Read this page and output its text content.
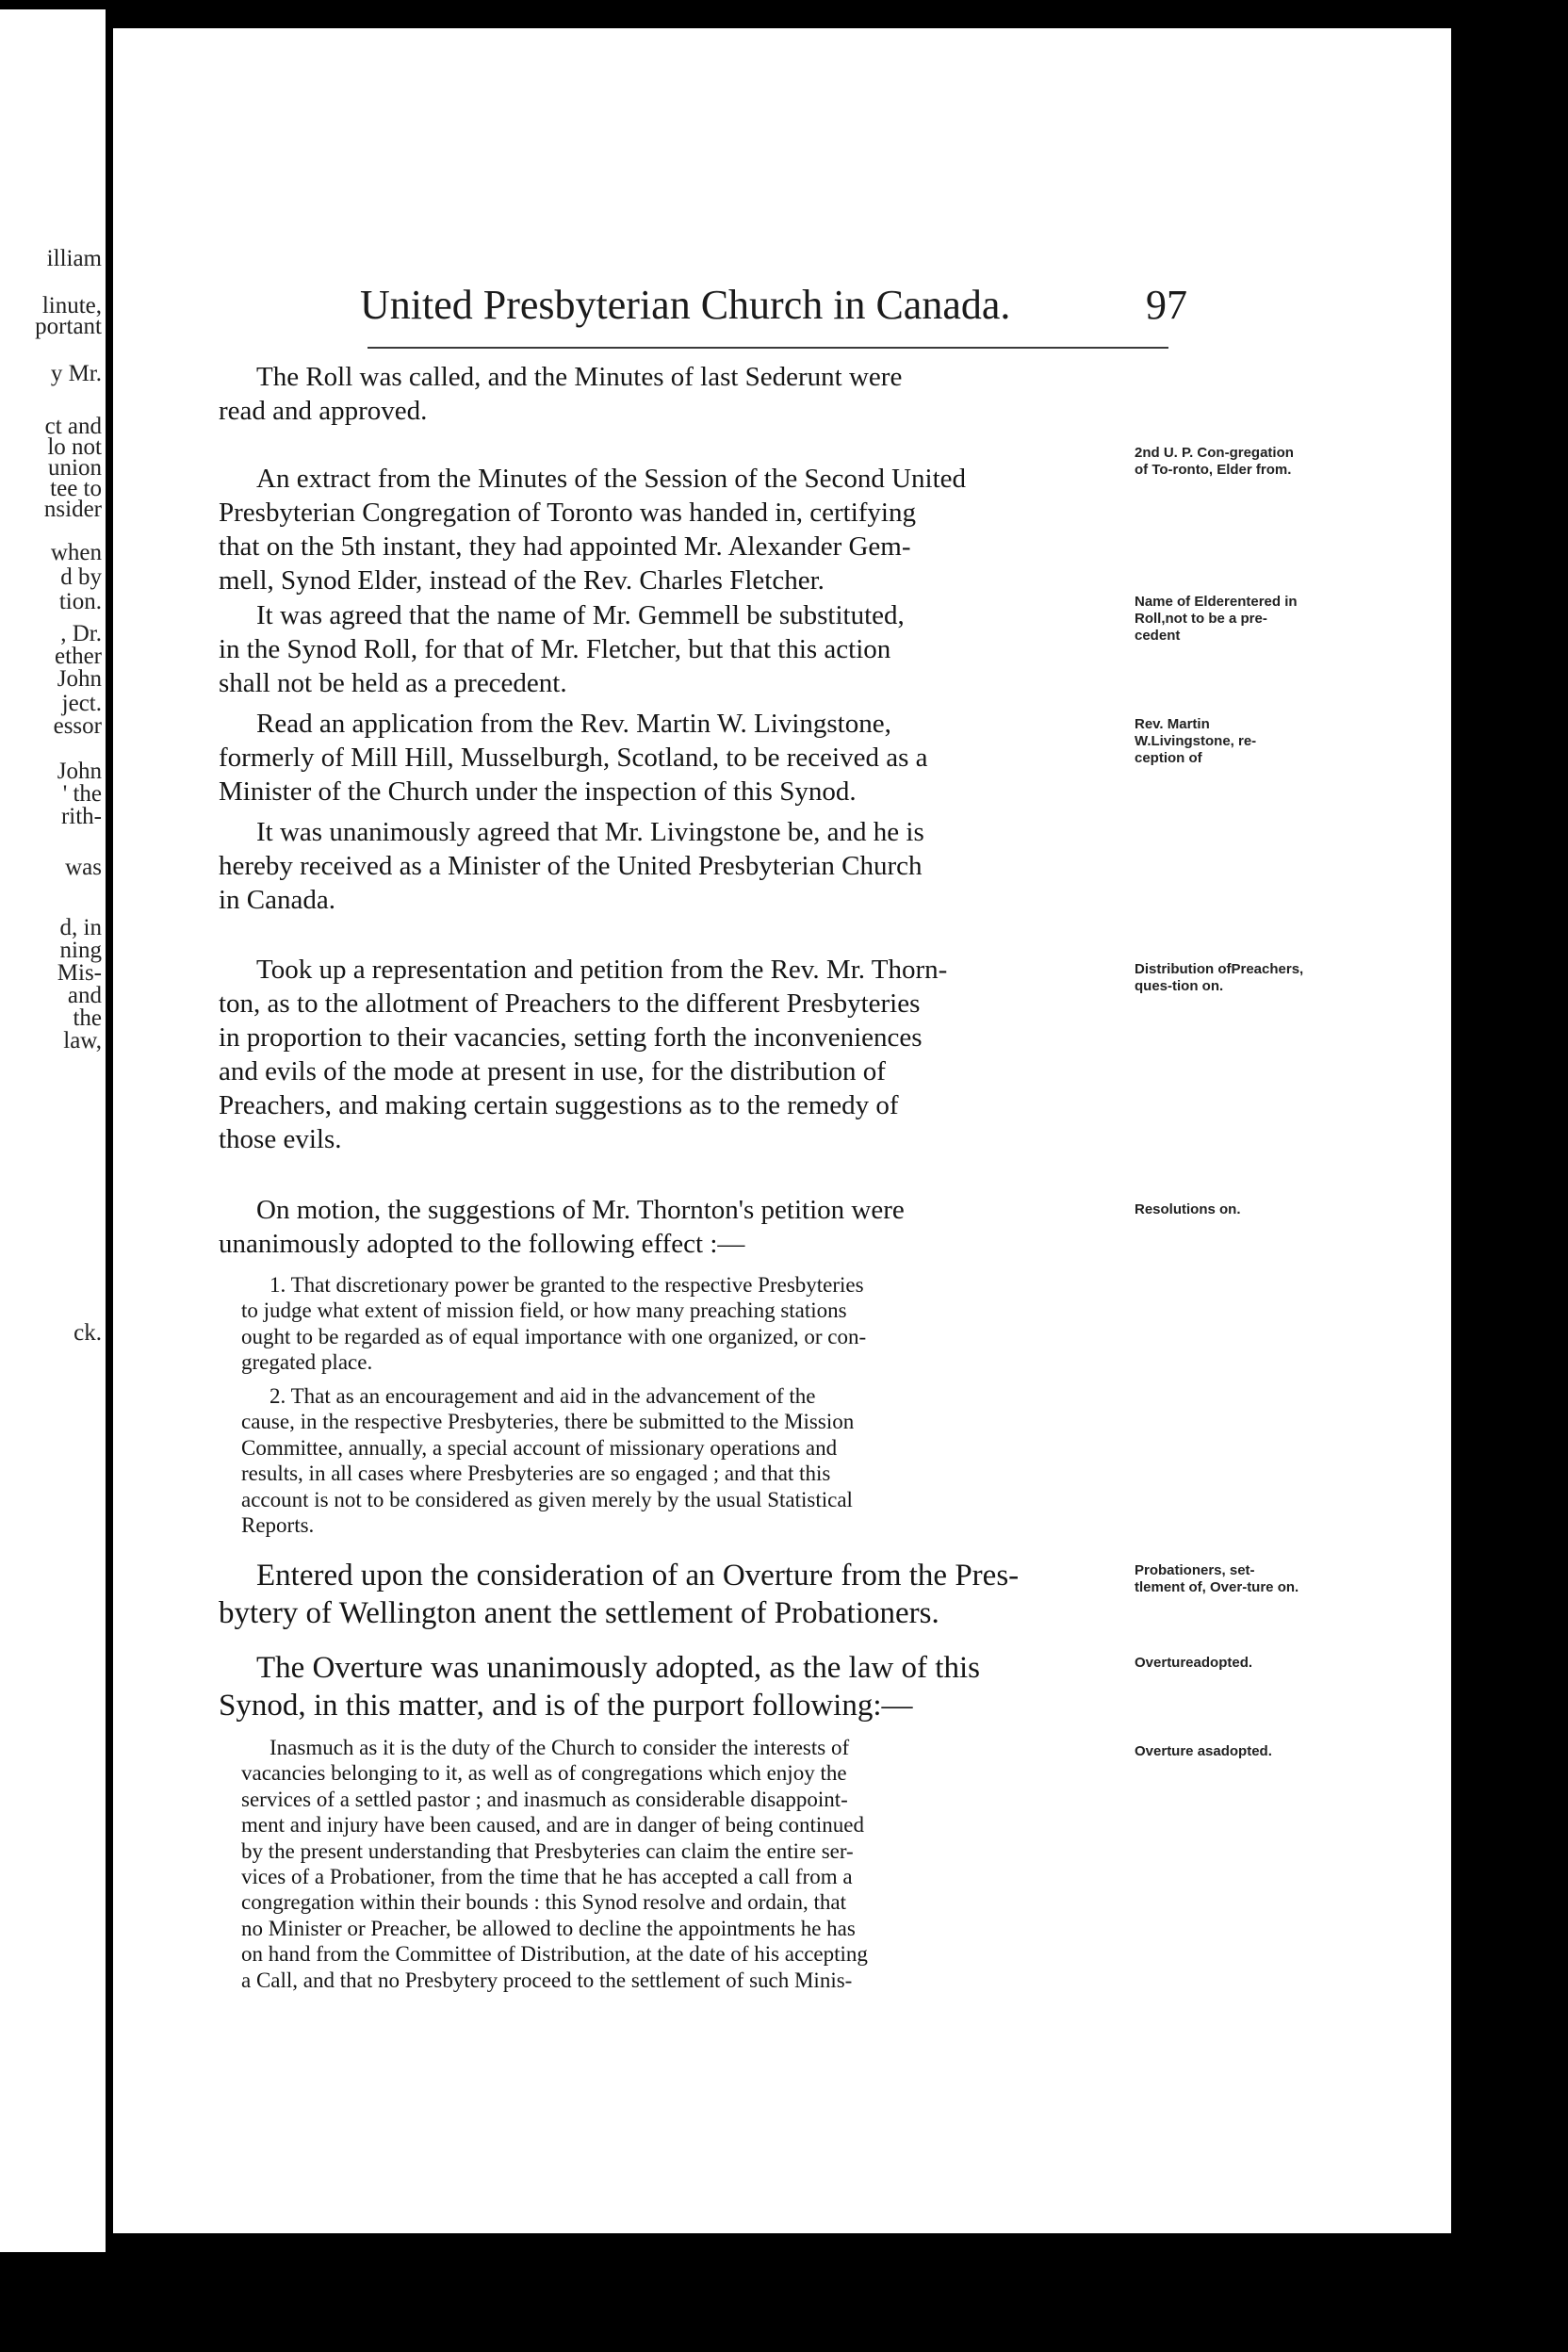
illiam
linute,
portant
y Mr.
ct and
lo not
union
tee to
nsider
when
d by
tion.
, Dr.
ether
John
ject.
essor
John
' the
rith-
was
d, in
ning
Mis-
and
the
law,
ck.
United Presbyterian Church in Canada.	97
The Roll was called, and the Minutes of last Sederunt were
read and approved.
An extract from the Minutes of the Session of the Second United
Presbyterian Congregation of Toronto was handed in, certifying
that on the 5th instant, they had appointed Mr. Alexander Gem-
mell, Synod Elder, instead of the Rev. Charles Fletcher.
It was agreed that the name of Mr. Gemmell be substituted,
in the Synod Roll, for that of Mr. Fletcher, but that this action
shall not be held as a precedent.
Read an application from the Rev. Martin W. Livingstone,
formerly of Mill Hill, Musselburgh, Scotland, to be received as a
Minister of the Church under the inspection of this Synod.
It was unanimously agreed that Mr. Livingstone be, and he is
hereby received as a Minister of the United Presbyterian Church
in Canada.
Took up a representation and petition from the Rev. Mr. Thorn-
ton, as to the allotment of Preachers to the different Presbyteries
in proportion to their vacancies, setting forth the inconveniences
and evils of the mode at present in use, for the distribution of
Preachers, and making certain suggestions as to the remedy of
those evils.
On motion, the suggestions of Mr. Thornton's petition were
unanimously adopted to the following effect :—
1. That discretionary power be granted to the respective Presbyteries
to judge what extent of mission field, or how many preaching stations
ought to be regarded as of equal importance with one organized, or con-
gregated place.
2. That as an encouragement and aid in the advancement of the
cause, in the respective Presbyteries, there be submitted to the Mission
Committee, annually, a special account of missionary operations and
results, in all cases where Presbyteries are so engaged ; and that this
account is not to be considered as given merely by the usual Statistical
Reports.
Entered upon the consideration of an Overture from the Pres-
bytery of Wellington anent the settlement of Probationers.
The Overture was unanimously adopted, as the law of this
Synod, in this matter, and is of the purport following:—
Inasmuch as it is the duty of the Church to consider the interests of
vacancies belonging to it, as well as of congregations which enjoy the
services of a settled pastor ; and inasmuch as considerable disappoint-
ment and injury have been caused, and are in danger of being continued
by the present understanding that Presbyteries can claim the entire ser-
vices of a Probationer, from the time that he has accepted a call from a
congregation within their bounds : this Synod resolve and ordain, that
no Minister or Preacher, be allowed to decline the appointments he has
on hand from the Committee of Distribution, at the date of his accepting
a Call, and that no Presbytery proceed to the settlement of such Minis-
2nd U. P. Con-gregation of To-ronto, Elder from.
Name of Elderentered in Roll,not to be a pre-cedent
Rev. Martin W.Livingstone, re-ception of
Distribution ofPreachers, ques-tion on.
Resolutions on.
Probationers, set-tlement of, Over-ture on.
Overtureadopted.
Overture asadopted.
